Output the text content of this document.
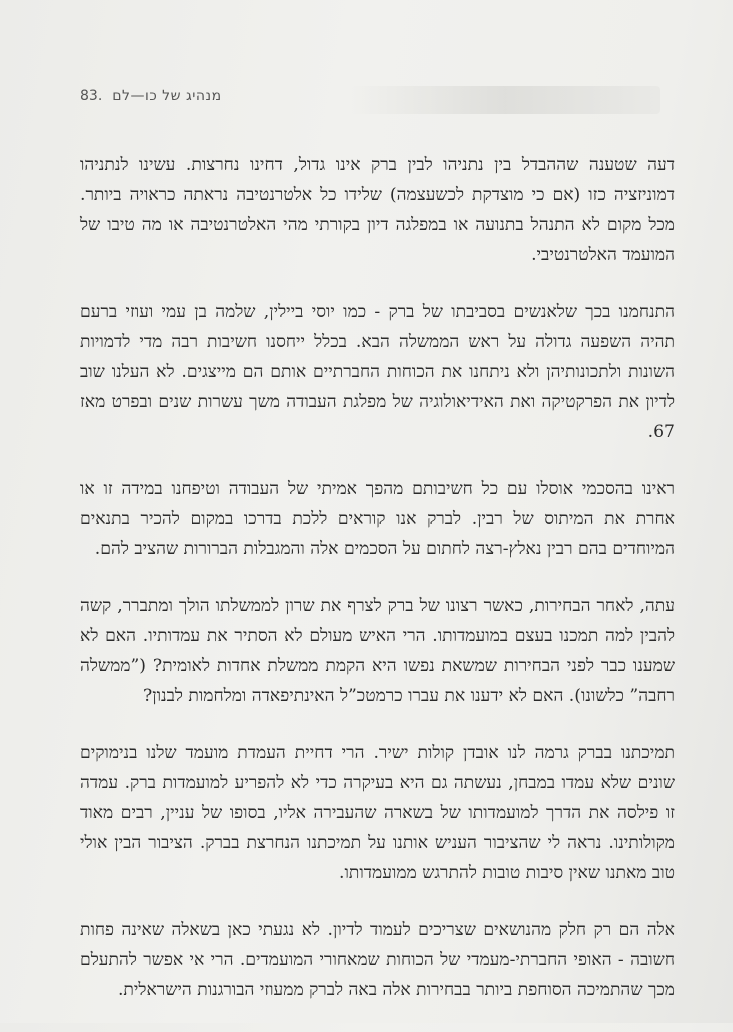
83. מנהיג של כו—לם

דעה שטענה שההבדל בין נתניהו לבין ברק אינו גדול, דחינו נחרצות. עשינו לנתניהו דמוניזציה כזו (אם כי מוצדקת לכשעצמה) שלידו כל אלטרנטיבה נראתה כראויה ביותר. מכל מקום לא התנהל בתנועה או במפלגה דיון בקורתי מהי האלטרנטיבה או מה טיבו של המועמד האלטרנטיבי.

התנחמנו בכך שלאנשים בסביבתו של ברק - כמו יוסי ביילין, שלמה בן עמי ועוזי ברעם תהיה השפעה גדולה על ראש הממשלה הבא. בכלל ייחסנו חשיבות רבה מדי לדמויות השונות ולתכונותיהן ולא ניתחנו את הכוחות החברתיים אותם הם מייצגים. לא העלנו שוב לדיון את הפרקטיקה ואת האידיאולוגיה של מפלגת העבודה משך עשרות שנים ובפרט מאז 67.

ראינו בהסכמי אוסלו עם כל חשיבותם מהפך אמיתי של העבודה וטיפחנו במידה זו או אחרת את המיתוס של רבין. לברק אנו קוראים ללכת בדרכו במקום להכיר בתנאים המיוחדים בהם רבין נאלץ-רצה לחתום על הסכמים אלה והמגבלות הברורות שהציב להם.

עתה, לאחר הבחירות, כאשר רצונו של ברק לצרף את שרון לממשלתו הולך ומתברר, קשה להבין למה תמכנו בעצם במועמדותו. הרי האיש מעולם לא הסתיר את עמדותיו. האם לא שמענו כבר לפני הבחירות שמשאת נפשו היא הקמת ממשלת אחדות לאומית? (”ממשלה רחבה” כלשונו). האם לא ידענו את עברו כרמטכ”ל האינתיפאדה ומלחמות לבנון?

תמיכתנו בברק גרמה לנו אובדן קולות ישיר. הרי דחיית העמדת מועמד שלנו בנימוקים שונים שלא עמדו במבחן, נעשתה גם היא בעיקרה כדי לא להפריע למועמדות ברק. עמדה זו פילסה את הדרך למועמדותו של בשארה שהעבירה אליו, בסופו של עניין, רבים מאוד מקולותינו. נראה לי שהציבור העניש אותנו על תמיכתנו הנחרצת בברק. הציבור הבין אולי טוב מאתנו שאין סיבות טובות להתרגש ממועמדותו.

אלה הם רק חלק מהנושאים שצריכים לעמוד לדיון. לא נגעתי כאן בשאלה שאינה פחות חשובה - האופי החברתי-מעמדי של הכוחות שמאחורי המועמדים. הרי אי אפשר להתעלם מכך שהתמיכה הסוחפת ביותר בבחירות אלה באה לברק ממעוזי הבורגנות הישראלית.
